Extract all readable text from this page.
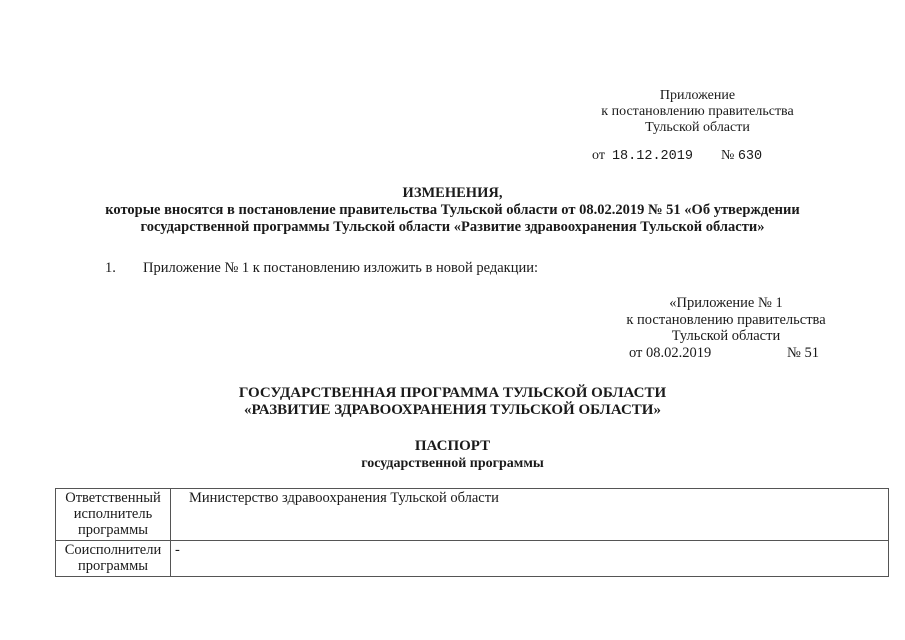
Приложение
к постановлению правительства
Тульской области
от 18.12.2019 № 630
ИЗМЕНЕНИЯ,
которые вносятся в постановление правительства Тульской области от 08.02.2019 № 51 «Об утверждении
государственной программы Тульской области «Развитие здравоохранения Тульской области»
1. Приложение № 1 к постановлению изложить в новой редакции:
«Приложение № 1
к постановлению правительства
Тульской области
от 08.02.2019	№ 51
ГОСУДАРСТВЕННАЯ ПРОГРАММА ТУЛЬСКОЙ ОБЛАСТИ
«РАЗВИТИЕ ЗДРАВООХРАНЕНИЯ ТУЛЬСКОЙ ОБЛАСТИ»
ПАСПОРТ
государственной программы
Ответственный исполнитель программы	Министерство здравоохранения Тульской области
Соисполнители программы	-
